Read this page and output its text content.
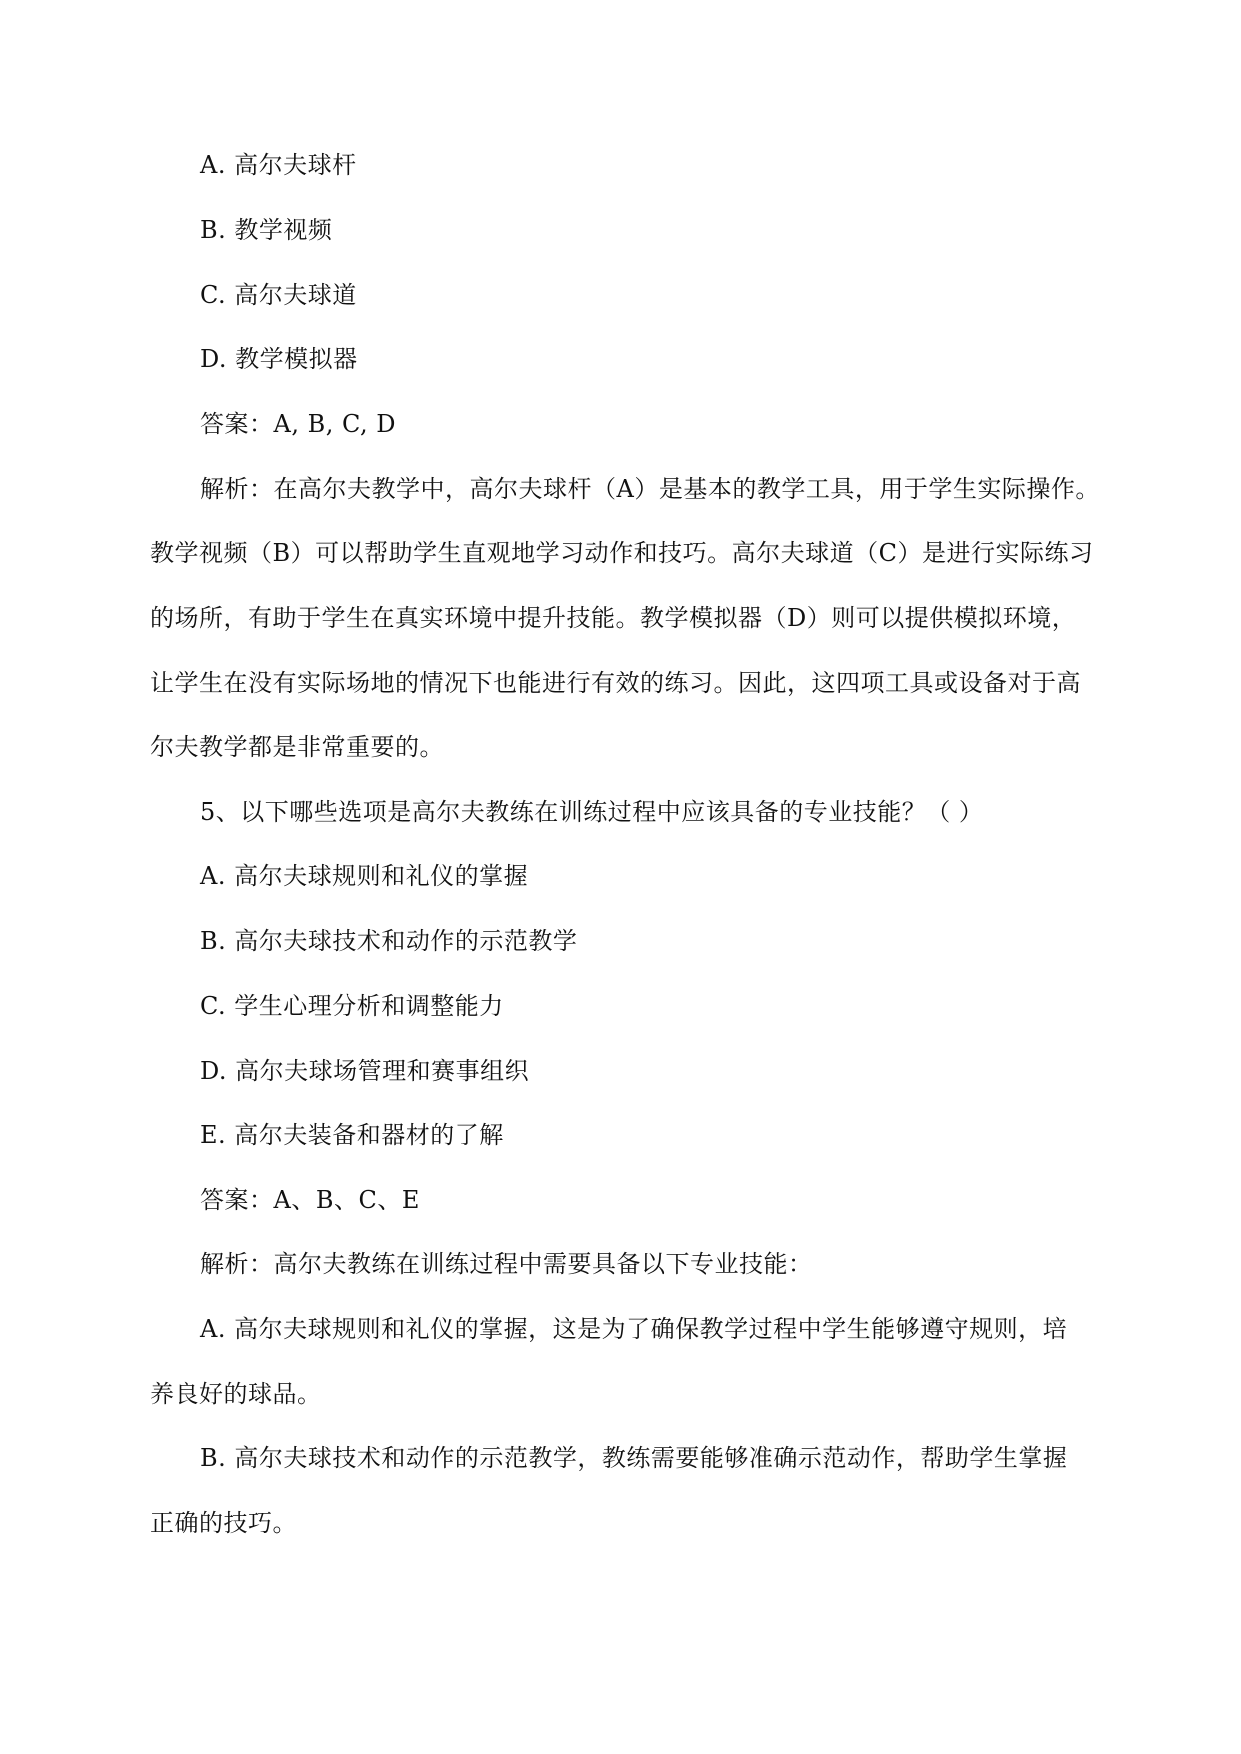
A. 高尔夫球杆
B. 教学视频
C. 高尔夫球道
D. 教学模拟器
答案：A, B, C, D
解析：在高尔夫教学中，高尔夫球杆（A）是基本的教学工具，用于学生实际操作。
教学视频（B）可以帮助学生直观地学习动作和技巧。高尔夫球道（C）是进行实际练习
的场所，有助于学生在真实环境中提升技能。教学模拟器（D）则可以提供模拟环境，
让学生在没有实际场地的情况下也能进行有效的练习。因此，这四项工具或设备对于高
尔夫教学都是非常重要的。
5、以下哪些选项是高尔夫教练在训练过程中应该具备的专业技能？（ ）
A. 高尔夫球规则和礼仪的掌握
B. 高尔夫球技术和动作的示范教学
C. 学生心理分析和调整能力
D. 高尔夫球场管理和赛事组织
E. 高尔夫装备和器材的了解
答案：A、B、C、E
解析：高尔夫教练在训练过程中需要具备以下专业技能：
A. 高尔夫球规则和礼仪的掌握，这是为了确保教学过程中学生能够遵守规则，培
养良好的球品。
B. 高尔夫球技术和动作的示范教学，教练需要能够准确示范动作，帮助学生掌握
正确的技巧。
